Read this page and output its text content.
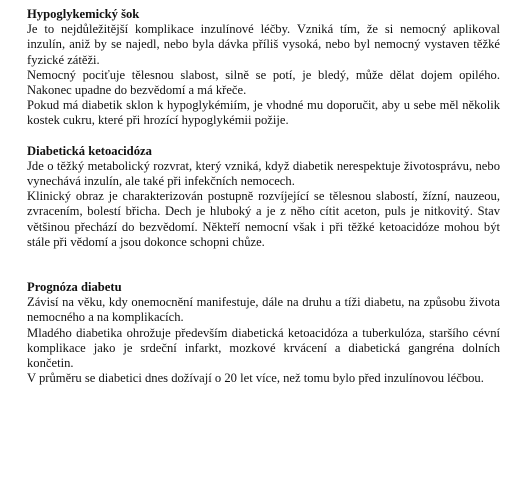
Hypoglykemický šok

Je to nejdůležitější komplikace inzulínové léčby. Vzniká tím, že si nemocný aplikoval inzulín, aniž by se najedl, nebo byla dávka příliš vysoká, nebo byl nemocný vystaven těžké fyzické zátěži.

Nemocný pociťuje tělesnou slabost, silně se potí, je bledý, může dělat dojem opilého. Nakonec upadne do bezvědomí a má křeče.

Pokud má diabetik sklon k hypoglykémiím, je vhodné mu doporučit, aby u sebe měl několik kostek cukru, které při hrozící hypoglykémii požije.

Diabetická ketoacidóza

Jde o těžký metabolický rozvrat, který vzniká, když diabetik nerespektuje životosprávu, nebo vynechává inzulín, ale také při infekčních nemocech.

Klinický obraz je charakterizován postupně rozvíjející se tělesnou slabostí, žízní, nauzeou, zvracením, bolestí břicha. Dech je hluboký a je z něho cítit aceton, puls je nitkovitý. Stav většinou přechází do bezvědomí. Někteří nemocní však i při těžké ketoacidóze mohou být stále při vědomí a jsou dokonce schopni chůze.

Prognóza diabetu

Závisí na věku, kdy onemocnění manifestuje, dále na druhu a tíži diabetu, na způsobu života nemocného a na komplikacích.

Mladého diabetika ohrožuje především diabetická ketoacidóza a tuberkulóza, staršího cévní komplikace jako je srdeční infarkt, mozkové krvácení a diabetická gangréna dolních končetin.

V průměru se diabetici dnes dožívají o 20 let více, než tomu bylo před inzulínovou léčbou.
